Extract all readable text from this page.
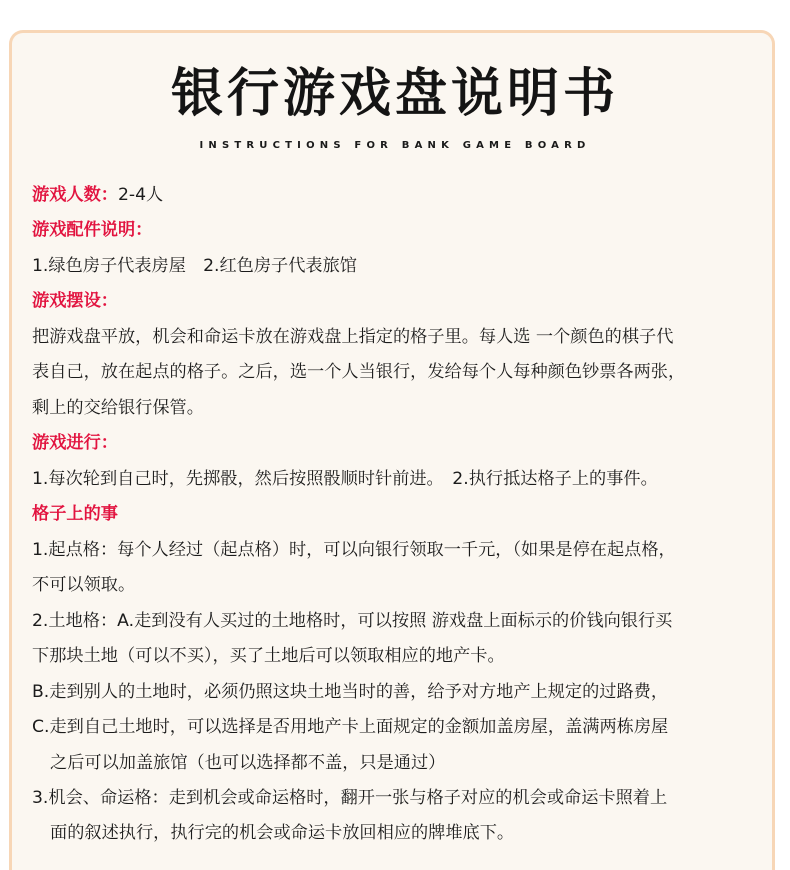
银行游戏盘说明书
INSTRUCTIONS FOR BANK GAME BOARD
游戏人数：2-4人
游戏配件说明：
1.绿色房子代表房屋　2.红色房子代表旅馆
游戏摆设：
把游戏盘平放，机会和命运卡放在游戏盘上指定的格子里。每人选 一个颜色的棋子代
表自己，放在起点的格子。之后，选一个人当银行，发给每个人每种颜色钞票各两张，
剩上的交给银行保管。
游戏进行：
1.每次轮到自己时，先掷骰，然后按照骰顺时针前进。　2.执行抵达格子上的事件。
格子上的事
1.起点格：每个人经过（起点格）时，可以向银行领取一千元，（如果是停在起点格，
不可以领取。
2.土地格：A.走到没有人买过的土地格时，可以按照 游戏盘上面标示的价钱向银行买
下那块土地（可以不买），买了土地后可以领取相应的地产卡。
B.走到别人的土地时，必须仍照这块土地当时的善，给予对方地产上规定的过路费，
C.走到自己土地时，可以选择是否用地产卡上面规定的金额加盖房屋，盖满两栋房屋
之后可以加盖旅馆（也可以选择都不盖，只是通过）
3.机会、命运格：走到机会或命运格时，翻开一张与格子对应的机会或命运卡照着上
面的叙述执行，执行完的机会或命运卡放回相应的牌堆底下。
